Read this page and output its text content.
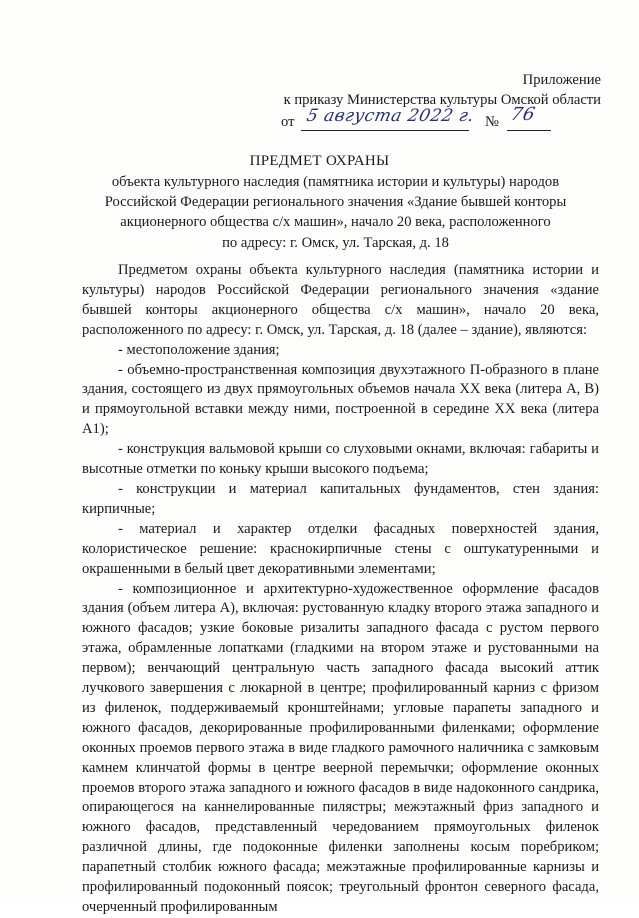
Приложение
к приказу Министерства культуры Омской области
от 5 августа 2022 г. № 76
ПРЕДМЕТ ОХРАНЫ
объекта культурного наследия (памятника истории и культуры) народов
Российской Федерации регионального значения «Здание бывшей конторы
акционерного общества с/х машин», начало 20 века, расположенного
по адресу: г. Омск, ул. Тарская, д. 18

Предметом охраны объекта культурного наследия (памятника истории и культуры) народов Российской Федерации регионального значения «здание бывшей конторы акционерного общества с/х машин», начало 20 века, расположенного по адресу: г. Омск, ул. Тарская, д. 18 (далее – здание), являются:

- местоположение здания;

- объемно-пространственная композиция двухэтажного П-образного в плане здания, состоящего из двух прямоугольных объемов начала XX века (литера А, В) и прямоугольной вставки между ними, построенной в середине XX века (литера А1);

- конструкция вальмовой крыши со слуховыми окнами, включая: габариты и высотные отметки по коньку крыши высокого подъема;

- конструкции и материал капитальных фундаментов, стен здания: кирпичные;

- материал и характер отделки фасадных поверхностей здания, колористическое решение: краснокирпичные стены с оштукатуренными и окрашенными в белый цвет декоративными элементами;

- композиционное и архитектурно-художественное оформление фасадов здания (объем литера А), включая: рустованную кладку второго этажа западного и южного фасадов; узкие боковые ризалиты западного фасада с рустом первого этажа, обрамленные лопатками (гладкими на втором этаже и рустованными на первом); венчающий центральную часть западного фасада высокий аттик лучкового завершения с люкарной в центре; профилированный карниз с фризом из филенок, поддерживаемый кронштейнами; угловые парапеты западного и южного фасадов, декорированные профилированными филенками; оформление оконных проемов первого этажа в виде гладкого рамочного наличника с замковым камнем клинчатой формы в центре веерной перемычки; оформление оконных проемов второго этажа западного и южного фасадов в виде надоконного сандрика, опирающегося на каннелированные пилястры; межэтажный фриз западного и южного фасадов, представленный чередованием прямоугольных филенок различной длины, где подоконные филенки заполнены косым поребриком; парапетный столбик южного фасада; межэтажные профилированные карнизы и профилированный подоконный поясок; треугольный фронтон северного фасада, очерченный профилированным
